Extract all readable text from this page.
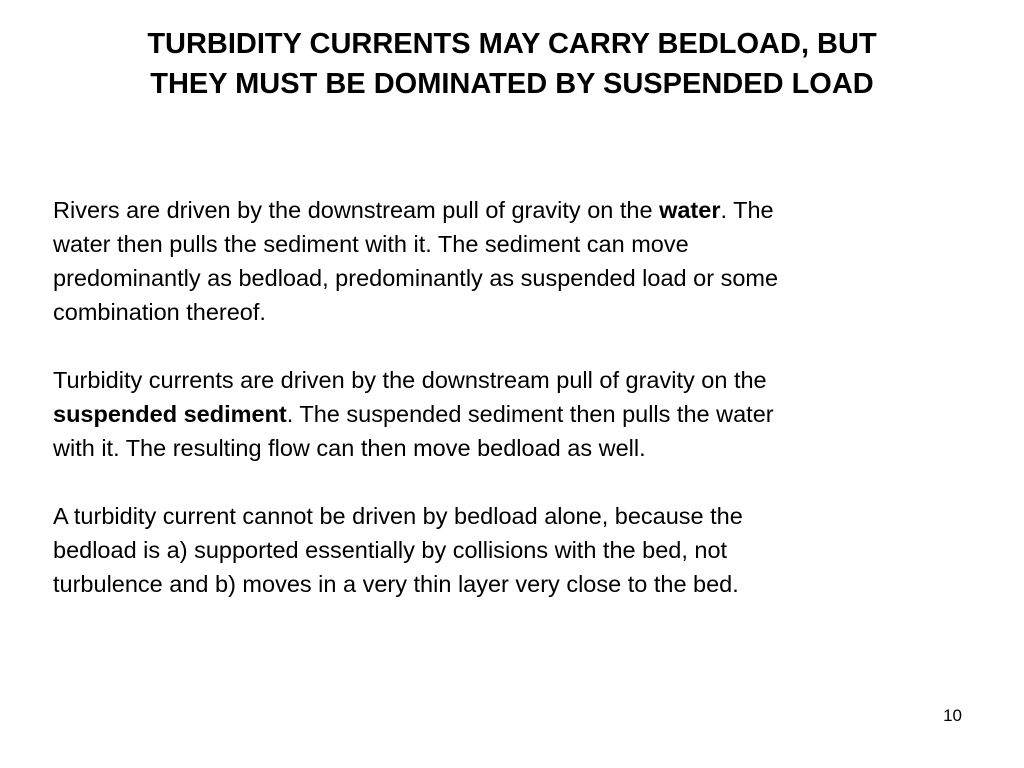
TURBIDITY CURRENTS MAY CARRY BEDLOAD, BUT
THEY MUST BE DOMINATED BY SUSPENDED LOAD

Rivers are driven by the downstream pull of gravity on the water. The
water then pulls the sediment with it. The sediment can move
predominantly as bedload, predominantly as suspended load or some
combination thereof.

Turbidity currents are driven by the downstream pull of gravity on the
suspended sediment. The suspended sediment then pulls the water
with it. The resulting flow can then move bedload as well.

A turbidity current cannot be driven by bedload alone, because the
bedload is a) supported essentially by collisions with the bed, not
turbulence and b) moves in a very thin layer very close to the bed.

10
